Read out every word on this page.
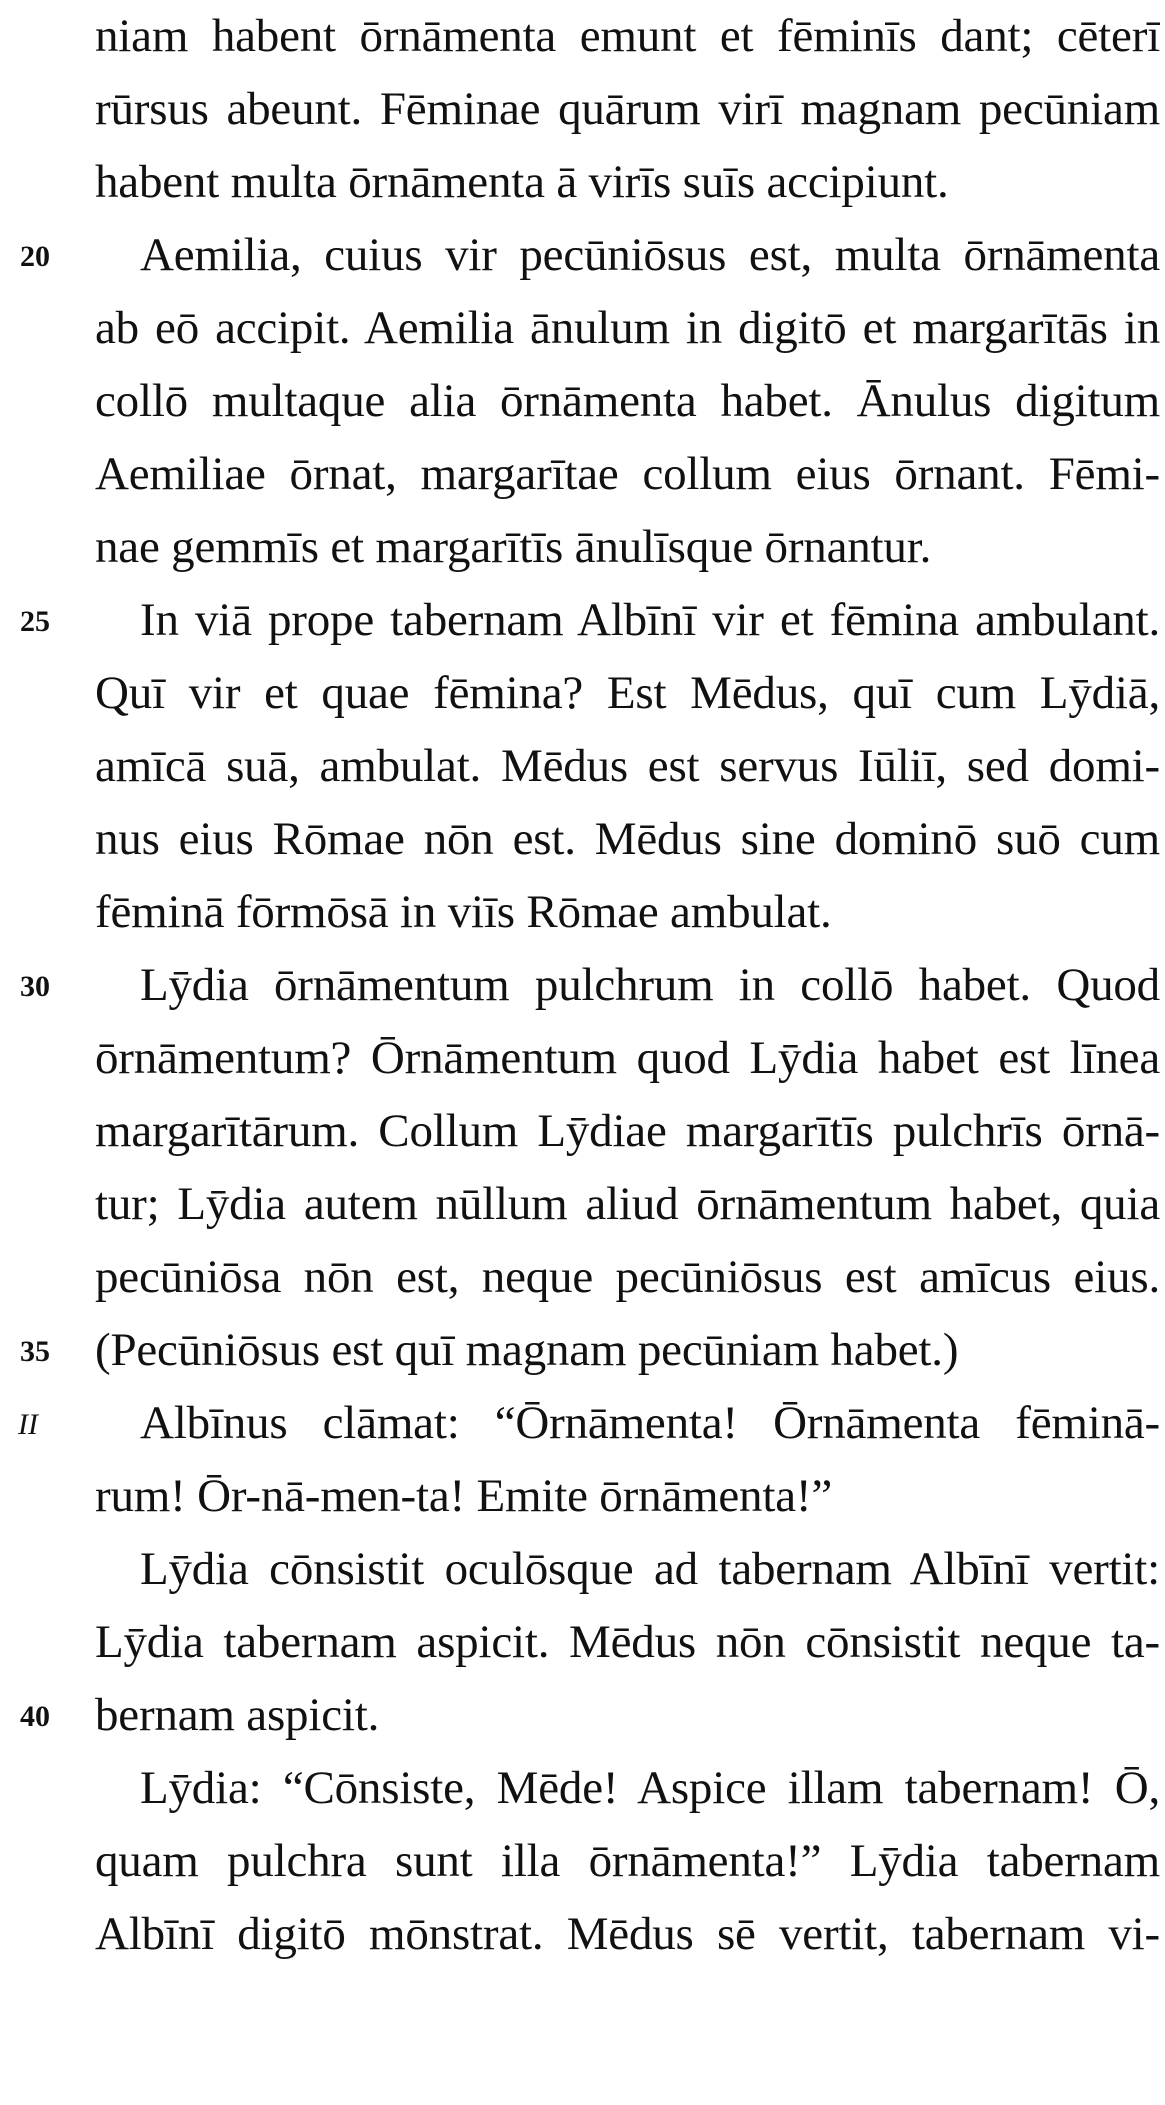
niam habent ōrnāmenta emunt et fēminīs dant; cēterī
rūrsus abeunt. Fēminae quārum virī magnam pecūniam
habent multa ōrnāmenta ā virīs suīs accipiunt.
20 Aemilia, cuius vir pecūniōsus est, multa ōrnāmenta
ab eō accipit. Aemilia ānulum in digitō et margarītās in
collō multaque alia ōrnāmenta habet. Ānulus digitum
Aemiliae ōrnat, margarītae collum eius ōrnant. Fēmi-
nae gemmīs et margarītīs ānulīsque ōrnantur.
25 In viā prope tabernam Albīnī vir et fēmina ambulant.
Quī vir et quae fēmina? Est Mēdus, quī cum Lȳdiā,
amīcā suā, ambulat. Mēdus est servus Iūliī, sed domi-
nus eius Rōmae nōn est. Mēdus sine dominō suō cum
fēminā fōrmōsā in viīs Rōmae ambulat.
30 Lȳdia ōrnāmentum pulchrum in collō habet. Quod
ōrnāmentum? Ōrnāmentum quod Lȳdia habet est līnea
margarītārum. Collum Lȳdiae margarītīs pulchrīs ōrnā-
tur; Lȳdia autem nūllum aliud ōrnāmentum habet, quia
pecūniōsa nōn est, neque pecūniōsus est amīcus eius.
35 (Pecūniōsus est quī magnam pecūniam habet.)
II Albīnus clāmat: “Ōrnāmenta! Ōrnāmenta fēminā-
rum! Ōr-nā-men-ta! Emite ōrnāmenta!”
Lȳdia cōnsistit oculōsque ad tabernam Albīnī vertit:
Lȳdia tabernam aspicit. Mēdus nōn cōnsistit neque ta-
40 bernam aspicit.
Lȳdia: “Cōnsiste, Mēde! Aspice illam tabernam! Ō,
quam pulchra sunt illa ōrnāmenta!” Lȳdia tabernam
Albīnī digitō mōnstrat. Mēdus sē vertit, tabernam vi-
